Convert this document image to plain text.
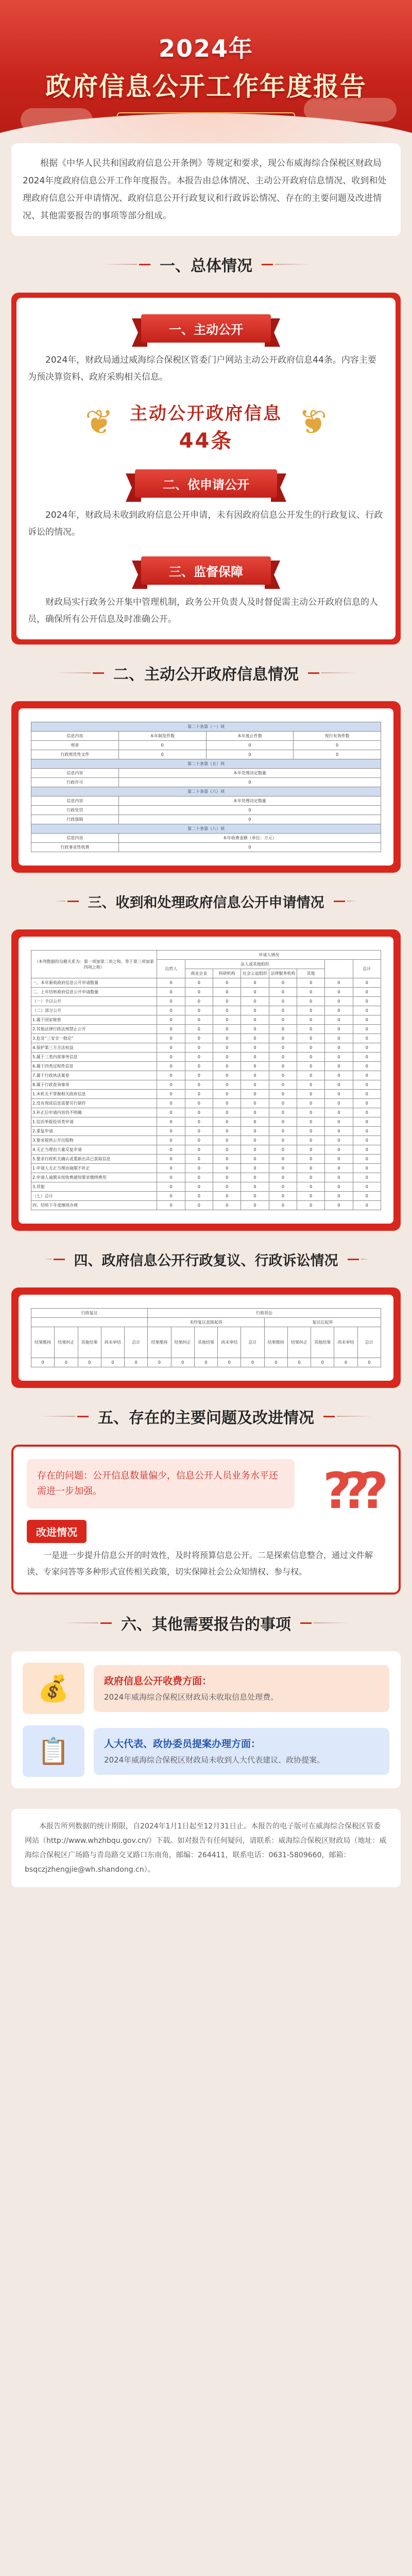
2024年
政府信息公开工作年度报告

根据《中华人民共和国政府信息公开条例》等规定和要求，现公布威海综合保税区财政局2024年度政府信息公开工作年度报告。本报告由总体情况、主动公开政府信息情况、收到和处理政府信息公开申请情况、政府信息公开行政复议和行政诉讼情况、存在的主要问题及改进情况、其他需要报告的事项等部分组成。

一、总体情况
一、主动公开

2024年，财政局通过威海综合保税区管委门户网站主动公开政府信息44条。内容主要为预决算资料、政府采购相关信息。

❦ 主动公开政府信息
44条	❦
二、依申请公开

2024年，财政局未收到政府信息公开申请，未有因政府信息公开发生的行政复议、行政诉讼的情况。

三、监督保障

财政局实行政务公开集中管理机制，政务公开负责人及时督促需主动公开政府信息的人员，确保所有公开信息及时准确公开。

二、主动公开政府信息情况
第二十条第（一）项			
信息内容	本年制发件数	本年废止件数	现行有效件数
规章	0	0	0
行政规范性文件	0	0	0
第二十条第（五）项			
信息内容	本年处理决定数量		
行政许可	0		
第二十条第（六）项			
信息内容	本年处理决定数量		
行政处罚	0		
行政强制	0		
第二十条第（八）项			
信息内容	本年收费金额（单位：万元）		
行政事业性收费	0		
三、收到和处理政府信息公开申请情况
（本列数据的勾稽关系为：第一项加第二项之和，等于第三项加第四项之和）	申请人情况							
	自然人	法人或其他组织						总计
		商业企业	科研机构	社会公益组织	法律服务机构	其他		
一、本年新收政府信息公开申请数量	0	0	0	0	0	0	0	0
二、上年结转政府信息公开申请数量	0	0	0	0	0	0	0	0
（一）予以公开	0	0	0	0	0	0	0	0
（二）部分公开	0	0	0	0	0	0	0	0
1.属于国家秘密	0	0	0	0	0	0	0	0
2.其他法律行政法规禁止公开	0	0	0	0	0	0	0	0
3.危及“三安全一稳定”	0	0	0	0	0	0	0	0
4.保护第三方合法权益	0	0	0	0	0	0	0	0
5.属于三类内部事务信息	0	0	0	0	0	0	0	0
6.属于四类过程性信息	0	0	0	0	0	0	0	0
7.属于行政执法案卷	0	0	0	0	0	0	0	0
8.属于行政查询事项	0	0	0	0	0	0	0	0
1.本机关不掌握相关政府信息	0	0	0	0	0	0	0	0
2.没有现成信息需要另行制作	0	0	0	0	0	0	0	0
3.补正后申请内容仍不明确	0	0	0	0	0	0	0	0
1.信访举报投诉类申请	0	0	0	0	0	0	0	0
2.重复申请	0	0	0	0	0	0	0	0
3.要求提供公开出版物	0	0	0	0	0	0	0	0
4.无正当理由大量反复申请	0	0	0	0	0	0	0	0
5.要求行政机关确认或重新出具已获取信息	0	0	0	0	0	0	0	0
1.申请人无正当理由逾期不补正	0	0	0	0	0	0	0	0
2.申请人逾期未按收费通知要求缴纳费用	0	0	0	0	0	0	0	0
3.其他	0	0	0	0	0	0	0	0
（七）总计	0	0	0	0	0	0	0	0
四、结转下年度继续办理	0	0	0	0	0	0	0	0
四、政府信息公开行政复议、行政诉讼情况
行政复议					行政诉讼									
					未经复议直接起诉					复议后起诉				
结果维持	结果纠正	其他结果	尚未审结	总计	结果维持	结果纠正	其他结果	尚未审结	总计	结果维持	结果纠正	其他结果	尚未审结	总计
0	0	0	0	0	0	0	0	0	0	0	0	0	0	0
五、存在的主要问题及改进情况
存在的问题：公开信息数量偏少，信息公开人员业务水平还需进一步加强。	???
改进情况

一是进一步提升信息公开的时效性，及时将预算信息公开。二是探索信息整合，通过文件解读、专家问答等多种形式宣传相关政策，切实保障社会公众知情权、参与权。

六、其他需要报告的事项
💰	政府信息公开收费方面：
2024年威海综合保税区财政局未收取信息处理费。
📋	人大代表、政协委员提案办理方面：
2024年威海综合保税区财政局未收到人大代表建议、政协提案。

本报告所列数据的统计期限，自2024年1月1日起至12月31日止。本报告的电子版可在威海综合保税区管委网站（http://www.whzhbqu.gov.cn/）下载。如对报告有任何疑问，请联系：威海综合保税区财政局（地址：威海综合保税区广场路与青岛路交叉路口东南角，邮编：264411，联系电话：0631-5809660，邮箱：bsqczjzhengjie@wh.shandong.cn）。
